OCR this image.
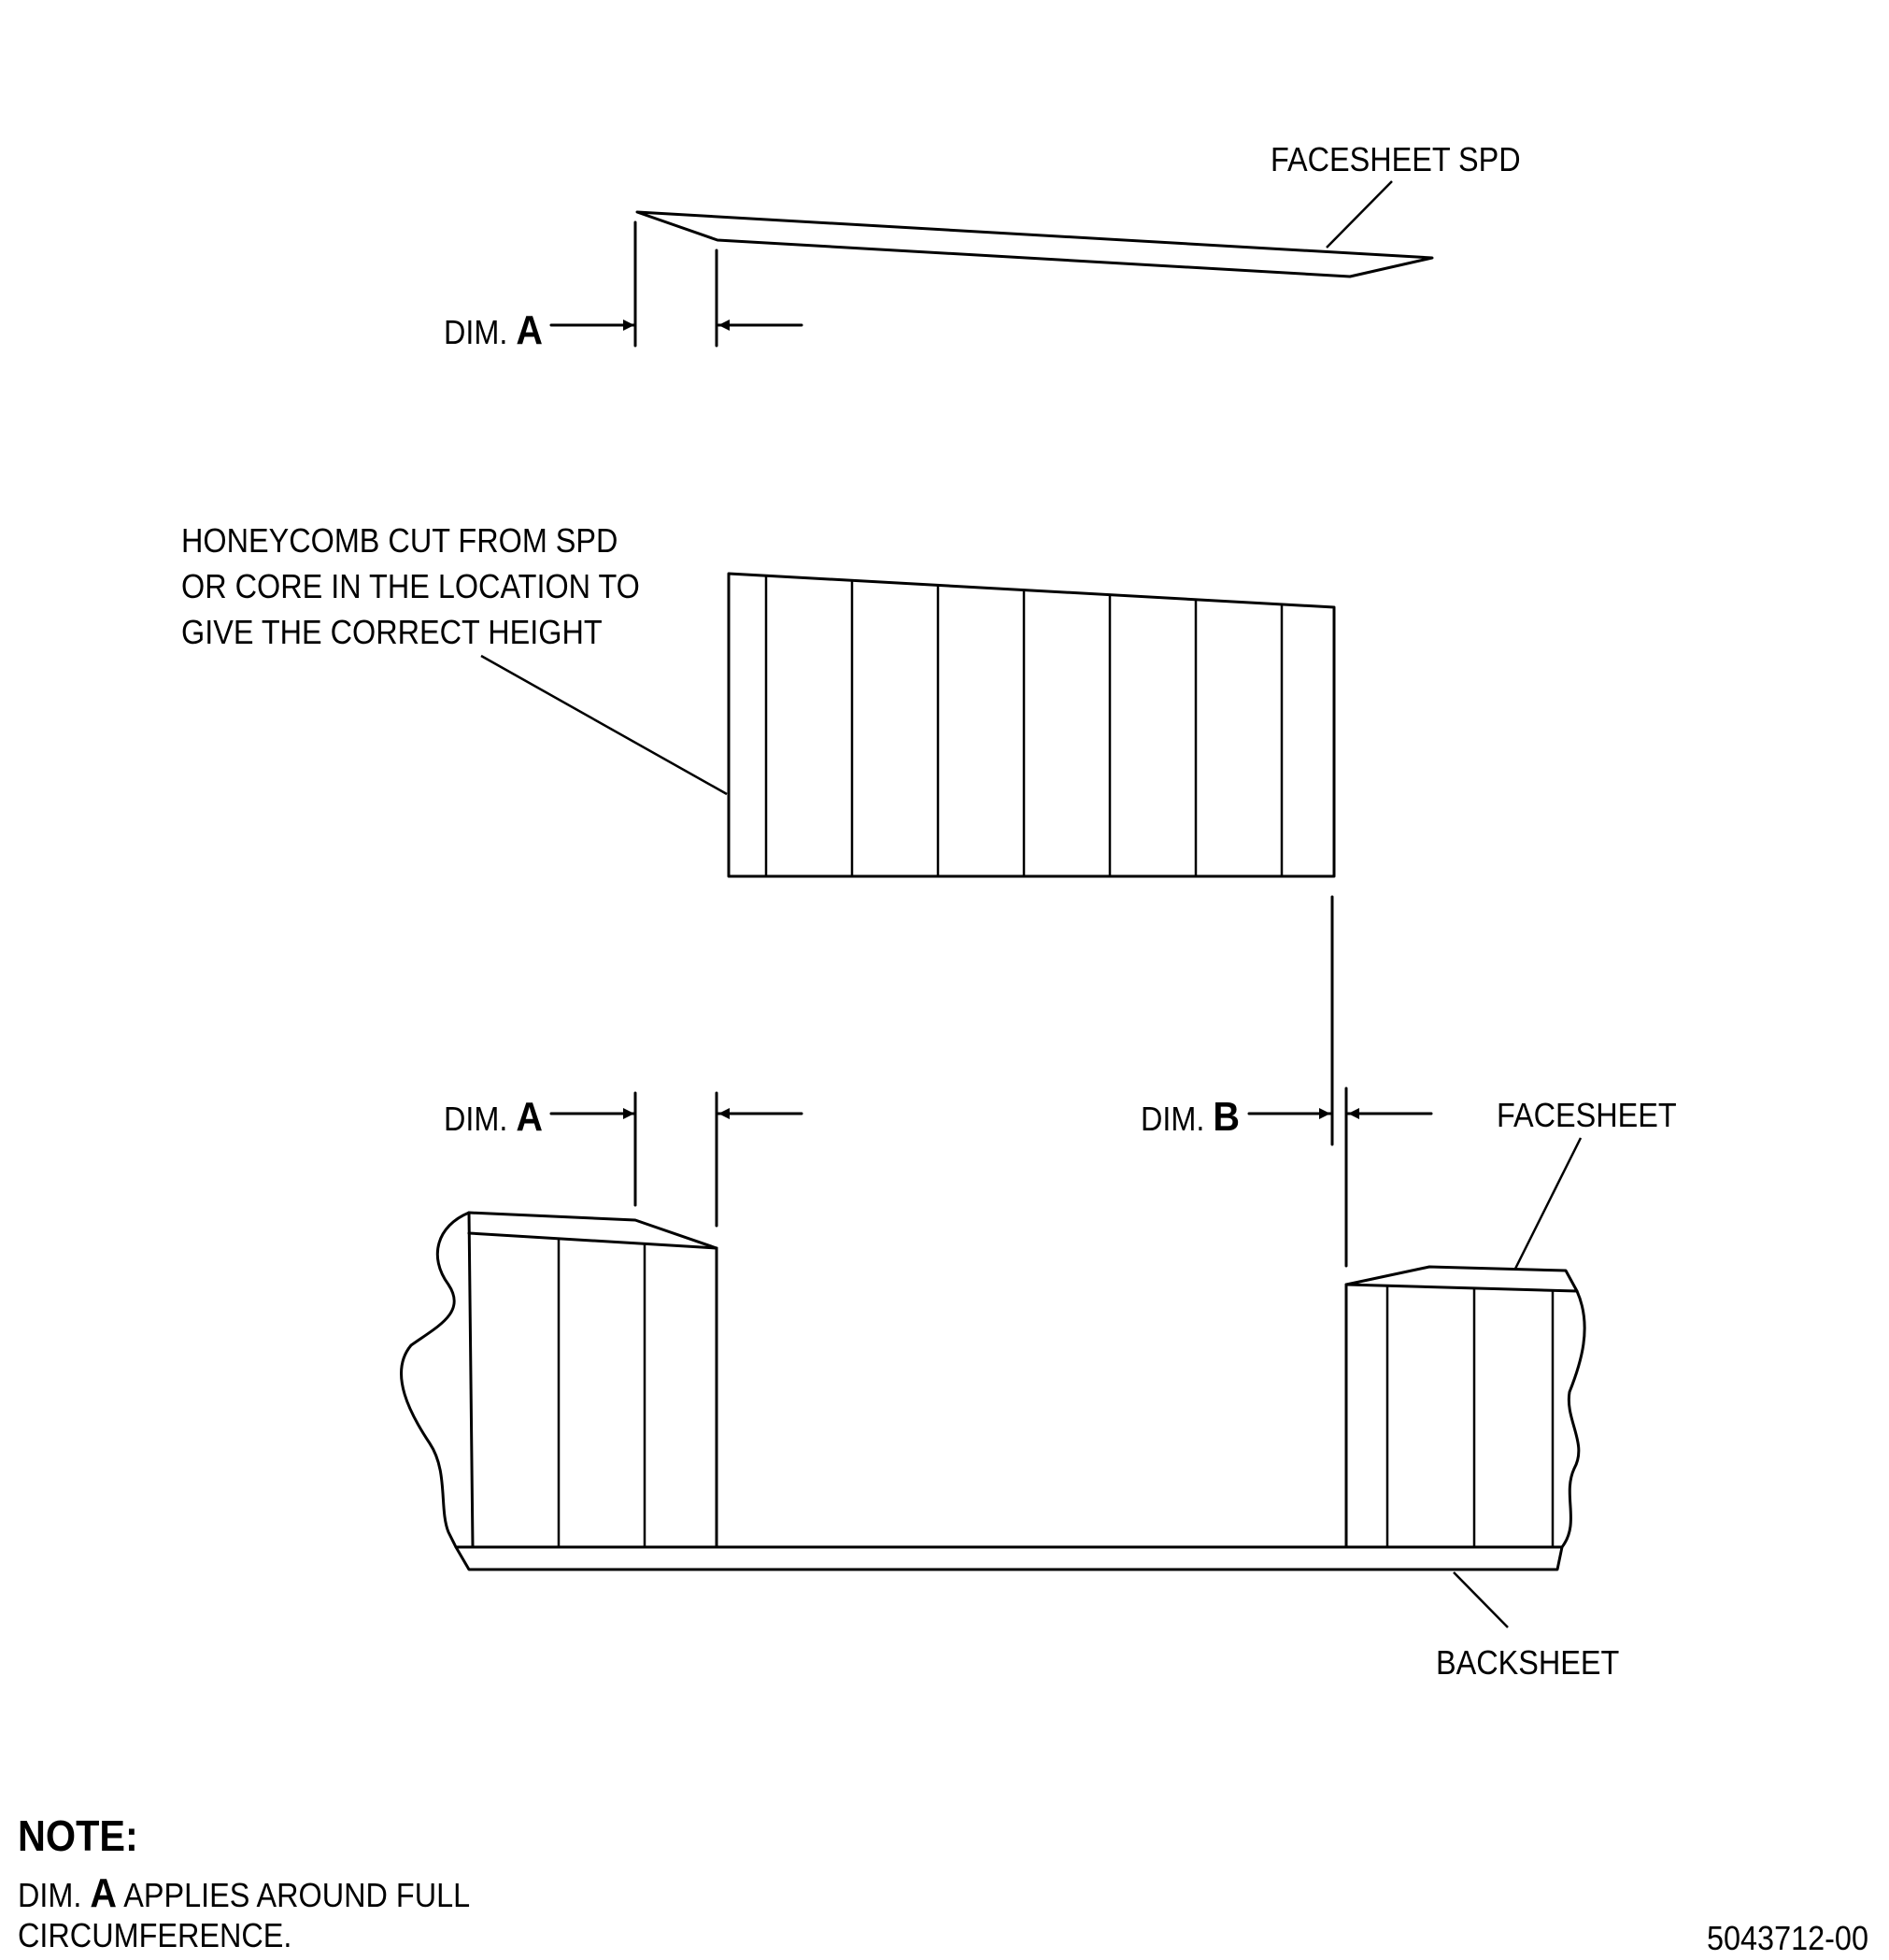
FACESHEET SPD
DIM. A
HONEYCOMB CUT FROM SPD
OR CORE IN THE LOCATION TO
GIVE THE CORRECT HEIGHT
DIM. A	DIM. B	FACESHEET
BACKSHEET
NOTE:
DIM. A APPLIES AROUND FULL
CIRCUMFERENCE.	5043712-00
